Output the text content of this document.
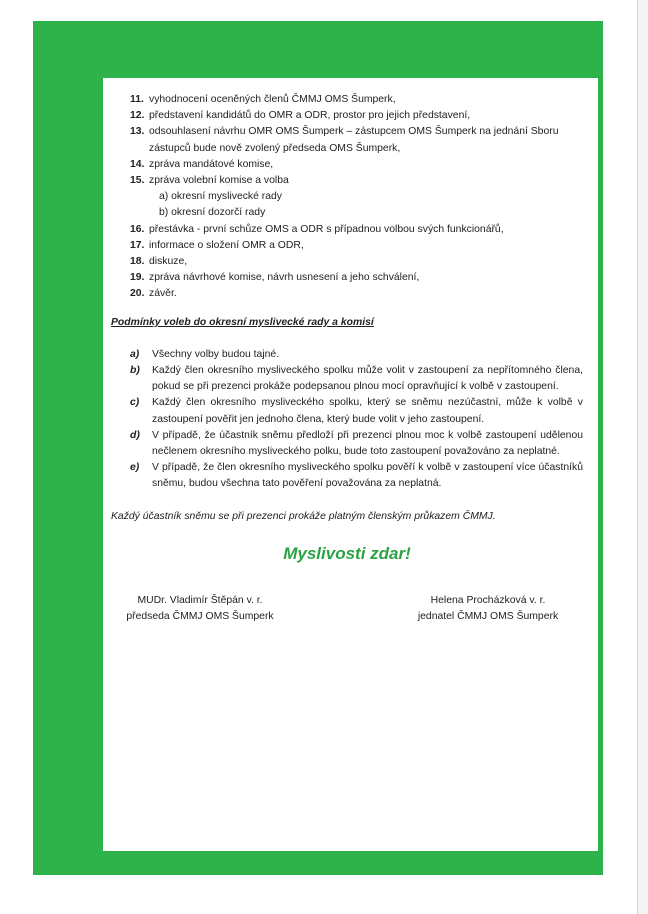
11. vyhodnocení oceněných členů ČMMJ OMS Šumperk,
12. představení kandidátů do OMR a ODR, prostor pro jejich představení,
13. odsouhlasení návrhu OMR OMS Šumperk – zástupcem OMS Šumperk na jednání Sboru zástupců bude nově zvolený předseda OMS Šumperk,
14. zpráva mandátové komise,
15. zpráva volební komise a volba
a) okresní myslivecké rady
b) okresní dozorčí rady
16. přestávka - první schůze OMS a ODR s případnou volbou svých funkcionářů,
17. informace o složení OMR a ODR,
18. diskuze,
19. zpráva návrhové komise, návrh usnesení a jeho schválení,
20. závěr.
Podmínky voleb do okresní myslivecké rady a komisí
a) Všechny volby budou tajné.
b) Každý člen okresního mysliveckého spolku může volit v zastoupení za nepřítomného člena, pokud se při prezenci prokáže podepsanou plnou mocí opravňující k volbě v zastoupení.
c) Každý člen okresního mysliveckého spolku, který se sněmu nezúčastní, může k volbě v zastoupení pověřit jen jednoho člena, který bude volit v jeho zastoupení.
d) V případě, že účastník sněmu předloží při prezenci plnou moc k volbě zastoupení udělenou nečlenem okresního mysliveckého polku, bude toto zastoupení považováno za neplatné.
e) V případě, že člen okresního mysliveckého spolku pověří k volbě v zastoupení více účastníků sněmu, budou všechna tato pověření považována za neplatná.
Každý účastník sněmu se při prezenci prokáže platným členským průkazem ČMMJ.
Myslivosti zdar!
MUDr. Vladimír Štěpán v. r.
předseda ČMMJ OMS Šumperk
Helena Procházková v. r.
jednatel ČMMJ OMS Šumperk
